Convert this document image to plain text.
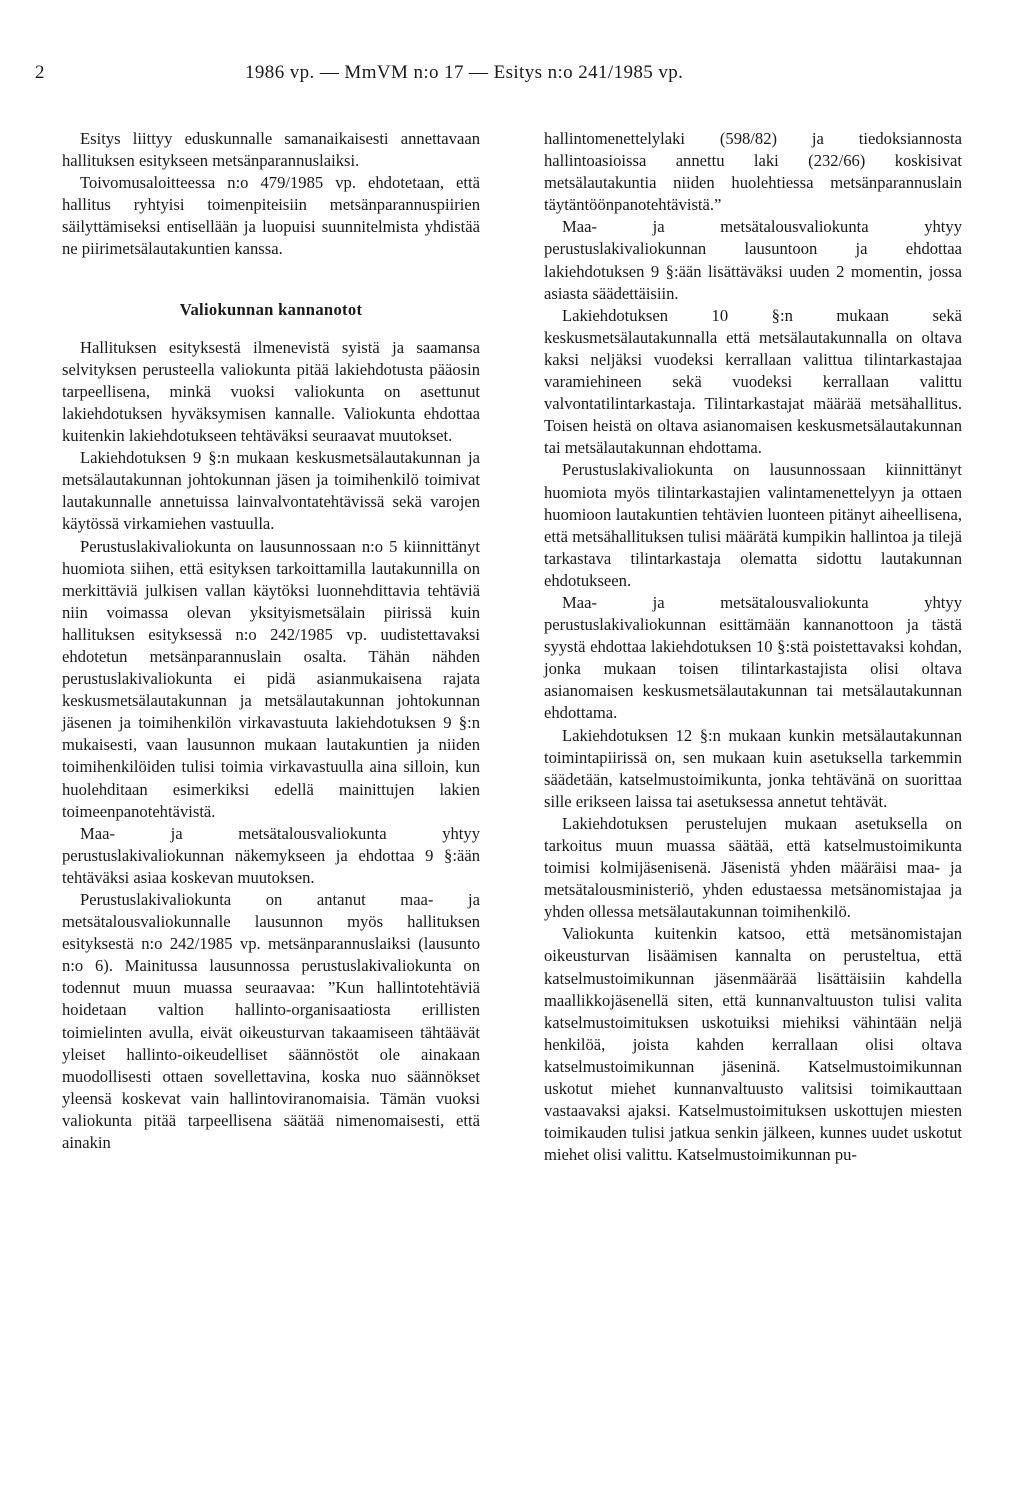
2	1986 vp. — MmVM n:o 17 — Esitys n:o 241/1985 vp.

Esitys liittyy eduskunnalle samanaikaisesti annettavaan hallituksen esitykseen metsänparannuslaiksi.

Toivomusaloitteessa n:o 479/1985 vp. ehdotetaan, että hallitus ryhtyisi toimenpiteisiin metsänparannuspiirien säilyttämiseksi entisellään ja luopuisi suunnitelmista yhdistää ne piirimetsälautakuntien kanssa.

Valiokunnan kannanotot

Hallituksen esityksestä ilmenevistä syistä ja saamansa selvityksen perusteella valiokunta pitää lakiehdotusta pääosin tarpeellisena, minkä vuoksi valiokunta on asettunut lakiehdotuksen hyväksymisen kannalle. Valiokunta ehdottaa kuitenkin lakiehdotukseen tehtäväksi seuraavat muutokset.

Lakiehdotuksen 9 §:n mukaan keskusmetsälautakunnan ja metsälautakunnan johtokunnan jäsen ja toimihenkilö toimivat lautakunnalle annetuissa lainvalvontatehtävissä sekä varojen käytössä virkamiehen vastuulla.

Perustuslakivaliokunta on lausunnossaan n:o 5 kiinnittänyt huomiota siihen, että esityksen tarkoittamilla lautakunnilla on merkittäviä julkisen vallan käytöksi luonnehdittavia tehtäviä niin voimassa olevan yksityismetsälain piirissä kuin hallituksen esityksessä n:o 242/1985 vp. uudistettavaksi ehdotetun metsänparannuslain osalta. Tähän nähden perustuslakivaliokunta ei pidä asianmukaisena rajata keskusmetsälautakunnan ja metsälautakunnan johtokunnan jäsenen ja toimihenkilön virkavastuuta lakiehdotuksen 9 §:n mukaisesti, vaan lausunnon mukaan lautakuntien ja niiden toimihenkilöiden tulisi toimia virkavastuulla aina silloin, kun huolehditaan esimerkiksi edellä mainittujen lakien toimeenpanotehtävistä.

Maa- ja metsätalousvaliokunta yhtyy perustuslakivaliokunnan näkemykseen ja ehdottaa 9 §:ään tehtäväksi asiaa koskevan muutoksen.

Perustuslakivaliokunta on antanut maa- ja metsätalousvaliokunnalle lausunnon myös hallituksen esityksestä n:o 242/1985 vp. metsänparannuslaiksi (lausunto n:o 6). Mainitussa lausunnossa perustuslakivaliokunta on todennut muun muassa seuraavaa: ”Kun hallintotehtäviä hoidetaan valtion hallinto-organisaatiosta erillisten toimielinten avulla, eivät oikeusturvan takaamiseen tähtäävät yleiset hallinto-oikeudelliset säännöstöt ole ainakaan muodollisesti ottaen sovellettavina, koska nuo säännökset yleensä koskevat vain hallintoviranomaisia. Tämän vuoksi valiokunta pitää tarpeellisena säätää nimenomaisesti, että ainakin

hallintomenettelylaki (598/82) ja tiedoksiannosta hallintoasioissa annettu laki (232/66) koskisivat metsälautakuntia niiden huolehtiessa metsänparannuslain täytäntöönpanotehtävistä.”

Maa- ja metsätalousvaliokunta yhtyy perustuslakivaliokunnan lausuntoon ja ehdottaa lakiehdotuksen 9 §:ään lisättäväksi uuden 2 momentin, jossa asiasta säädettäisiin.

Lakiehdotuksen 10 §:n mukaan sekä keskusmetsälautakunnalla että metsälautakunnalla on oltava kaksi neljäksi vuodeksi kerrallaan valittua tilintarkastajaa varamiehineen sekä vuodeksi kerrallaan valittu valvontatilintarkastaja. Tilintarkastajat määrää metsähallitus. Toisen heistä on oltava asianomaisen keskusmetsälautakunnan tai metsälautakunnan ehdottama.

Perustuslakivaliokunta on lausunnossaan kiinnittänyt huomiota myös tilintarkastajien valintamenettelyyn ja ottaen huomioon lautakuntien tehtävien luonteen pitänyt aiheellisena, että metsähallituksen tulisi määrätä kumpikin hallintoa ja tilejä tarkastava tilintarkastaja olematta sidottu lautakunnan ehdotukseen.

Maa- ja metsätalousvaliokunta yhtyy perustuslakivaliokunnan esittämään kannanottoon ja tästä syystä ehdottaa lakiehdotuksen 10 §:stä poistettavaksi kohdan, jonka mukaan toisen tilintarkastajista olisi oltava asianomaisen keskusmetsälautakunnan tai metsälautakunnan ehdottama.

Lakiehdotuksen 12 §:n mukaan kunkin metsälautakunnan toimintapiirissä on, sen mukaan kuin asetuksella tarkemmin säädetään, katselmustoimikunta, jonka tehtävänä on suorittaa sille erikseen laissa tai asetuksessa annetut tehtävät.

Lakiehdotuksen perustelujen mukaan asetuksella on tarkoitus muun muassa säätää, että katselmustoimikunta toimisi kolmijäsenisenä. Jäsenistä yhden määräisi maa- ja metsätalousministeriö, yhden edustaessa metsänomistajaa ja yhden ollessa metsälautakunnan toimihenkilö.

Valiokunta kuitenkin katsoo, että metsänomistajan oikeusturvan lisäämisen kannalta on perusteltua, että katselmustoimikunnan jäsenmäärää lisättäisiin kahdella maallikkojäsenellä siten, että kunnanvaltuuston tulisi valita katselmustoimituksen uskotuiksi miehiksi vähintään neljä henkilöä, joista kahden kerrallaan olisi oltava katselmustoimikunnan jäseninä. Katselmustoimikunnan uskotut miehet kunnanvaltuusto valitsisi toimikauttaan vastaavaksi ajaksi. Katselmustoimituksen uskottujen miesten toimikauden tulisi jatkua senkin jälkeen, kunnes uudet uskotut miehet olisi valittu. Katselmustoimikunnan pu-
